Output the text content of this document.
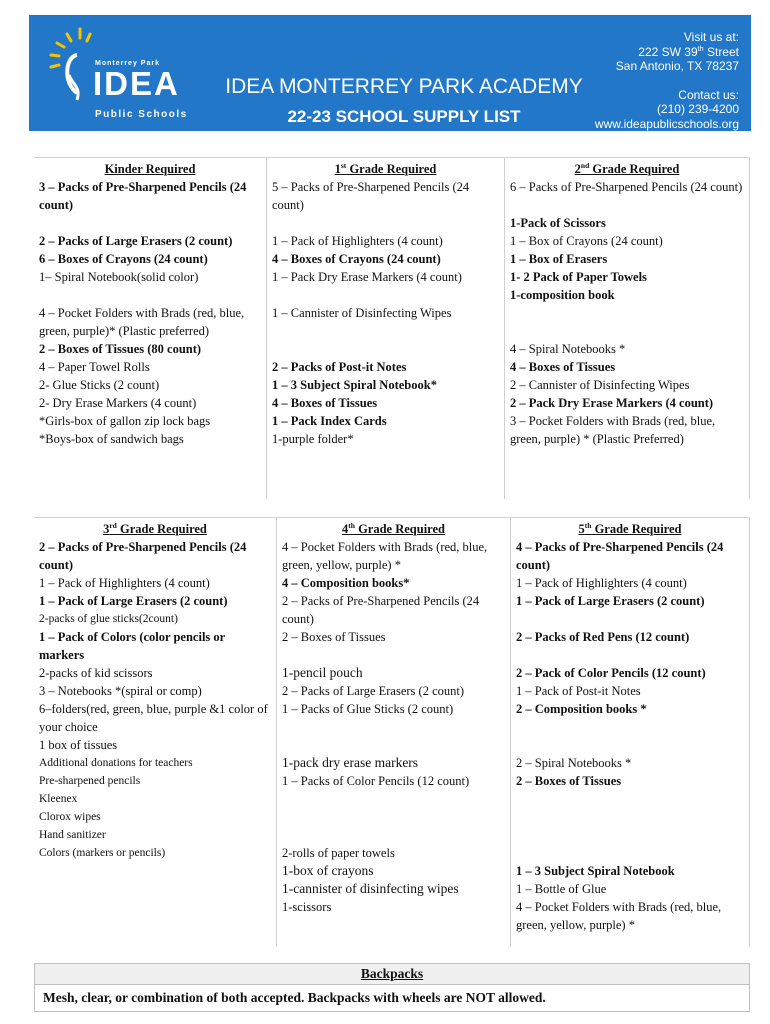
Monterrey Park
IDEA
Public Schools
IDEA MONTERREY PARK ACADEMY
22-23 SCHOOL SUPPLY LIST
Visit us at:
222 SW 39th Street
San Antonio, TX 78237
Contact us:
(210) 239-4200
www.ideapublicschools.org
Kinder Required
3 – Packs of Pre-Sharpened Pencils (24 count)
2 – Packs of Large Erasers (2 count)
6 – Boxes of Crayons (24 count)
1– Spiral Notebook(solid color)
4 – Pocket Folders with Brads (red, blue, green, purple)* (Plastic preferred)
2 – Boxes of Tissues (80 count)
4 – Paper Towel Rolls
2- Glue Sticks (2 count)
2- Dry Erase Markers (4 count)
*Girls-box of gallon zip lock bags
*Boys-box of sandwich bags
1st Grade Required
5 – Packs of Pre-Sharpened Pencils (24 count)
1 – Pack of Highlighters (4 count)
4 – Boxes of Crayons (24 count)
1 – Pack Dry Erase Markers (4 count)
1 – Cannister of Disinfecting Wipes
2 – Packs of Post-it Notes
1 – 3 Subject Spiral Notebook*
4 – Boxes of Tissues
1 – Pack Index Cards
1-purple folder*
2nd Grade Required
6 – Packs of Pre-Sharpened Pencils (24 count)
1-Pack of Scissors
1 – Box of Crayons (24 count)
1 – Box of Erasers
1- 2 Pack of Paper Towels
1-composition book
4 – Spiral Notebooks *
4 – Boxes of Tissues
2 – Cannister of Disinfecting Wipes
2 – Pack Dry Erase Markers (4 count)
3 – Pocket Folders with Brads (red, blue, green, purple) * (Plastic Preferred)
3rd Grade Required
2 – Packs of Pre-Sharpened Pencils (24 count)
1 – Pack of Highlighters (4 count)
1 – Pack of Large Erasers (2 count)
2-packs of glue sticks(2count)
1 – Pack of Colors (color pencils or markers
2-packs of kid scissors
3 – Notebooks *(spiral or comp)
6–folders(red, green, blue, purple &1 color of your choice
1 box of tissues
Additional donations for teachers
Pre-sharpened pencils
Kleenex
Clorox wipes
Hand sanitizer
Colors (markers or pencils)
4th Grade Required
4 – Pocket Folders with Brads (red, blue, green, yellow, purple) *
4 – Composition books*
2 – Packs of Pre-Sharpened Pencils (24 count)
2 – Boxes of Tissues
1-pencil pouch
2 – Packs of Large Erasers (2 count)
1 – Packs of Glue Sticks (2 count)
1-pack dry erase markers
1 – Packs of Color Pencils (12 count)
2-rolls of paper towels
1-box of crayons
1-cannister of disinfecting wipes
1-scissors
5th Grade Required
4 – Packs of Pre-Sharpened Pencils (24 count)
1 – Pack of Highlighters (4 count)
1 – Pack of Large Erasers (2 count)
2 – Packs of Red Pens (12 count)
2 – Pack of Color Pencils (12 count)
1 – Pack of Post-it Notes
2 – Composition books *
2 – Spiral Notebooks *
2 – Boxes of Tissues
1 – 3 Subject Spiral Notebook
1 – Bottle of Glue
4 – Pocket Folders with Brads (red, blue, green, yellow, purple) *
Backpacks
Mesh, clear, or combination of both accepted. Backpacks with wheels are NOT allowed.
